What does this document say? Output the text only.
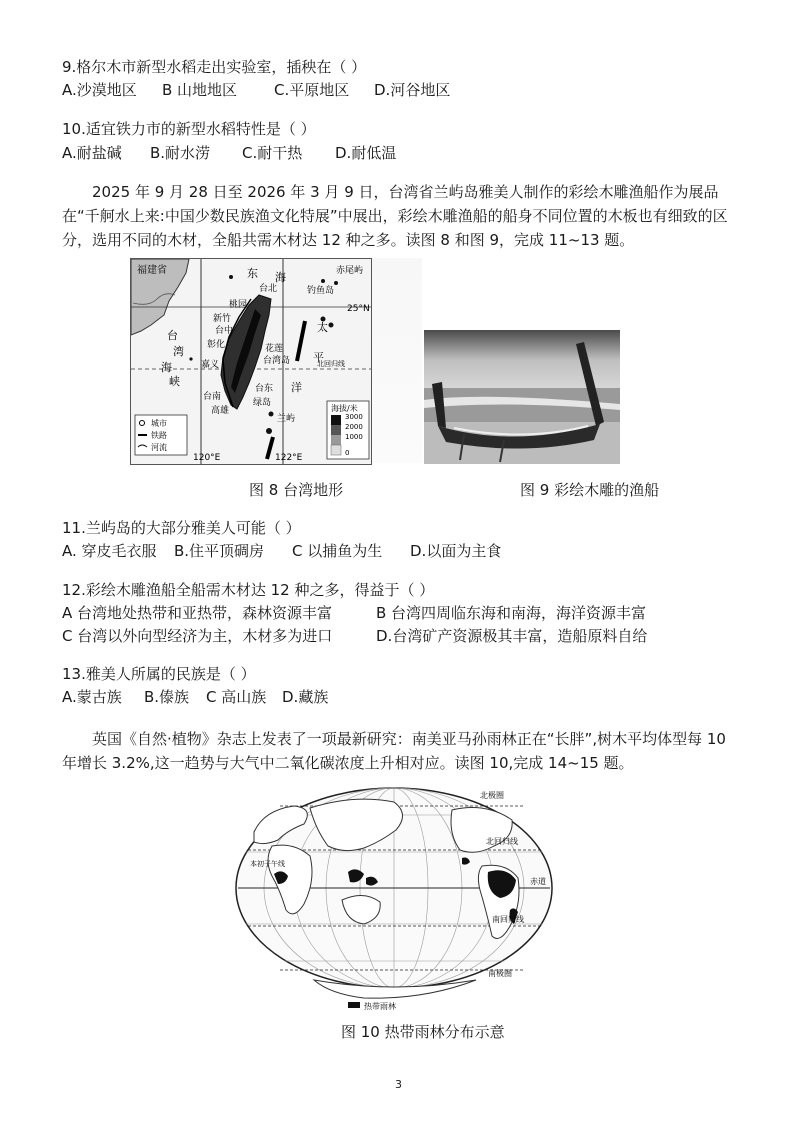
9.格尔木市新型水稻走出实验室，插秧在（ ）
A.沙漠地区 B 山地地区 C.平原地区 D.河谷地区
10.适宜铁力市的新型水稻特性是（ ）
A.耐盐碱 B.耐水涝 C.耐干热 D.耐低温
2025 年 9 月 28 日至 2026 年 3 月 9 日，台湾省兰屿岛雅美人制作的彩绘木雕渔船作为展品在“千舸水上来:中国少数民族渔文化特展”中展出，彩绘木雕渔船的船身不同位置的木板也有细致的区分，选用不同的木材，全船共需木材达 12 种之多。读图 8 和图 9，完成 11~13 题。
福建省	东 海
钓鱼岛
赤尾屿
25°N
桃园
台北
新竹
台中
彰化
嘉义
台南
高雄
花莲
台湾岛
台东
绿岛
兰屿
台
湾
海
峡
太
平
洋
北回归线
120°E	122°E
城市
铁路
河流
海拔/米
3000
2000
1000
0
图 8 台湾地形	图 9 彩绘木雕的渔船
11.兰屿岛的大部分雅美人可能（ ）
A. 穿皮毛衣服 B.住平顶碉房 C 以捕鱼为生 D.以面为主食
12.彩绘木雕渔船全船需木材达 12 种之多，得益于（ ）
A 台湾地处热带和亚热带，森林资源丰富	B 台湾四周临东海和南海，海洋资源丰富
C 台湾以外向型经济为主，木材多为进口	D.台湾矿产资源极其丰富，造船原料自给
13.雅美人所属的民族是（ ）
A.蒙古族 B.傣族 C 高山族 D.藏族
英国《自然·植物》杂志上发表了一项最新研究：南美亚马孙雨林正在“长胖”,树木平均体型每 10 年增长 3.2%,这一趋势与大气中二氧化碳浓度上升相对应。读图 10,完成 14~15 题。
北极圈
北回归线
赤道
南回归线
南极圈
本初子午线
热带雨林
图 10 热带雨林分布示意
3
